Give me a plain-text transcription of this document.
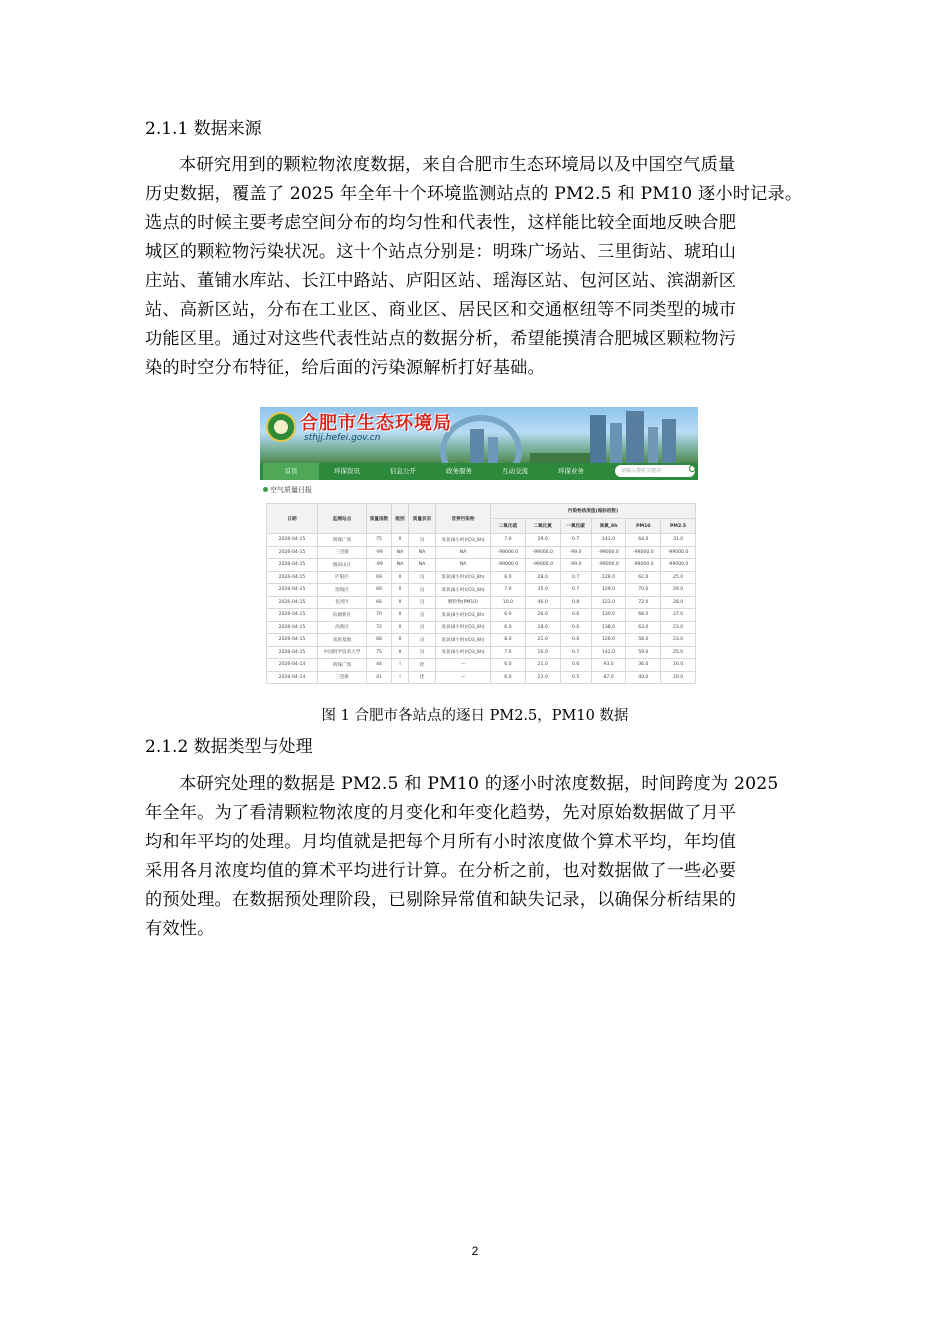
2.1.1 数据来源
本研究用到的颗粒物浓度数据，来自合肥市生态环境局以及中国空气质量
历史数据，覆盖了 2025 年全年十个环境监测站点的 PM2.5 和 PM10 逐小时记录。
选点的时候主要考虑空间分布的均匀性和代表性，这样能比较全面地反映合肥
城区的颗粒物污染状况。这十个站点分别是：明珠广场站、三里街站、琥珀山
庄站、董铺水库站、长江中路站、庐阳区站、瑶海区站、包河区站、滨湖新区
站、高新区站，分布在工业区、商业区、居民区和交通枢纽等不同类型的城市
功能区里。通过对这些代表性站点的数据分析，希望能摸清合肥城区颗粒物污
染的时空分布特征，给后面的污染源解析打好基础。
合肥市生态环境局
sthjj.hefei.gov.cn
首页	环保资讯	信息公开	政务服务	互动交流	环保业务	请输入搜索关键词
空气质量日报
日期	监测站点	质量指数	级别	质量状况	首要污染物	污染物浓度值(超标倍数)					
						二氧化硫	二氧化氮	一氧化碳	臭氧_8h	PM10	PM2.5
2026-04-15	明珠广场	75	II	良	臭氧(8小时)(O3_8h)	7.0	29.0	0.7	143.0	64.0	31.0
2026-04-15	三里街	-99	NA	NA	NA	-99000.0	-99000.0	-99.0	-99000.0	-99000.0	-99000.0
2026-04-15	琥珀山庄	-99	NA	NA	NA	-99000.0	-99000.0	-99.0	-99000.0	-99000.0	-99000.0
2026-04-15	庐阳区	69	II	良	臭氧(8小时)(O3_8h)	6.0	28.0	0.7	128.0	62.0	25.0
2026-04-15	瑶海区	69	II	良	臭氧(8小时)(O3_8h)	7.0	35.0	0.7	129.0	70.0	29.0
2026-04-15	包河区	66	II	良	颗粒物(PM10)	10.0	46.0	0.8	123.0	72.0	28.0
2026-04-15	滨湖新区	70	II	良	臭氧(8小时)(O3_8h)	6.0	26.0	0.6	130.0	68.0	27.0
2026-04-15	高新区	72	II	良	臭氧(8小时)(O3_8h)	6.0	18.0	0.6	138.0	63.0	23.0
2026-04-15	高新基地	68	II	良	臭氧(8小时)(O3_8h)	8.0	21.0	0.6	126.0	58.0	23.0
2026-04-15	中国科学技术大学	75	II	良	臭氧(8小时)(O3_8h)	7.0	16.0	0.7	142.0	59.0	25.0
2026-04-14	明珠广场	44	I	优	—	6.0	21.0	0.6	93.0	36.0	16.0
2026-04-14	三里街	41	I	优	—	6.0	22.0	0.5	87.0	40.0	20.0
图 1 合肥市各站点的逐日 PM2.5，PM10 数据
2.1.2 数据类型与处理
本研究处理的数据是 PM2.5 和 PM10 的逐小时浓度数据，时间跨度为 2025
年全年。为了看清颗粒物浓度的月变化和年变化趋势，先对原始数据做了月平
均和年平均的处理。月均值就是把每个月所有小时浓度做个算术平均，年均值
采用各月浓度均值的算术平均进行计算。在分析之前，也对数据做了一些必要
的预处理。在数据预处理阶段，已剔除异常值和缺失记录，以确保分析结果的
有效性。
2
